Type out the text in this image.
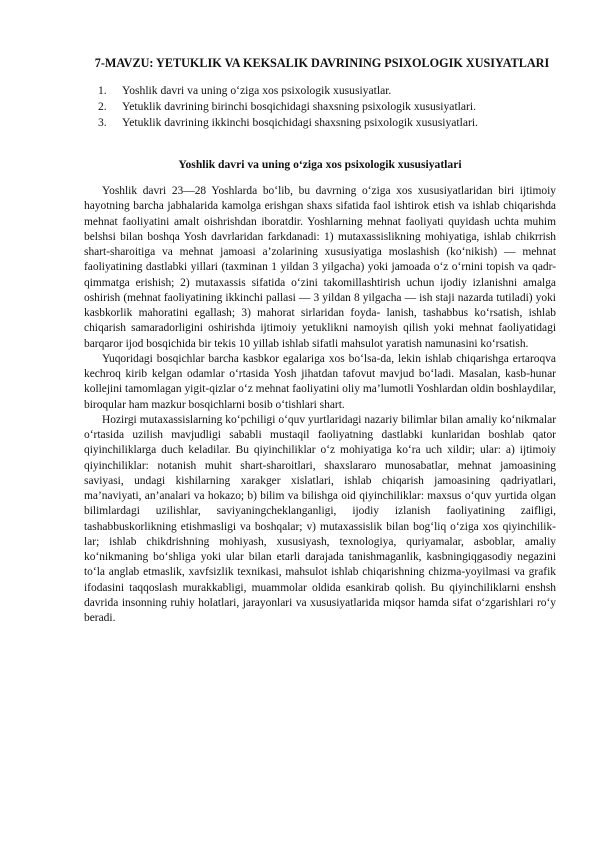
7-MAVZU: YETUKLIK VA KEKSALIK DAVRINING PSIXOLOGIK XUSIYATLARI
1.	Yoshlik davri va uning o‘ziga xos psixologik xususiyatlar.
2.	Yetuklik davrining birinchi bosqichidagi shaxsning psixologik xususiyatlari.
3.	Yetuklik davrining ikkinchi bosqichidagi shaxsning psixologik xususiyatlari.
Yoshlik davri va uning o‘ziga xos psixologik xususiyatlari

Yoshlik davri 23—28 Yoshlarda bo‘lib, bu davrning o‘ziga xos xususiyatlaridan biri ijtimoiy hayotning barcha jabhalarida kamolga erishgan shaxs sifatida faol ishtirok etish va ishlab chiqarishda mehnat faoliyatini amalt oishrishdan iboratdir. Yoshlarning mehnat faoliyati quyidash uchta muhim belshsi bilan boshqa Yosh davrlaridan farkdanadi: 1) mutaxassislikning mohiyatiga, ishlab chikrrish shart-sharoitiga va mehnat jamoasi a’zolarining xususiyatiga moslashish (ko‘nikish) — mehnat faoliyatining dastlabki yillari (taxminan 1 yildan 3 yilgacha) yoki jamoada o‘z o‘rnini topish va qadr-qimmatga erishish; 2) mutaxassis sifatida o‘zini takomillashtirish uchun ijodiy izlanishni amalga oshirish (mehnat faoliyatining ikkinchi pallasi — 3 yildan 8 yilgacha — ish staji nazarda tutiladi) yoki kasbkorlik mahoratini egallash; 3) mahorat sirlaridan foyda- lanish, tashabbus ko‘rsatish, ishlab chiqarish samaradorligini oshirishda ijtimoiy yetuklikni namoyish qilish yoki mehnat faoliyatidagi barqaror ijod bosqichida bir tekis 10 yillab ishlab sifatli mahsulot yaratish namunasini ko‘rsatish.

Yuqoridagi bosqichlar barcha kasbkor egalariga xos bo‘lsa-da, lekin ishlab chiqarishga ertaroqva kechroq kirib kelgan odamlar o‘rtasida Yosh jihatdan tafovut mavjud bo‘ladi. Masalan, kasb-hunar kollejini tamomlagan yigit-qizlar o‘z mehnat faoliyatini oliy ma’lumotli Yoshlardan oldin boshlaydilar, biroqular ham mazkur bosqichlarni bosib o‘tishlari shart.

Hozirgi mutaxassislarning ko‘pchiligi o‘quv yurtlaridagi nazariy bilimlar bilan amaliy ko‘nikmalar o‘rtasida uzilish mavjudligi sababli mustaqil faoliyatning dastlabki kunlaridan boshlab qator qiyinchiliklarga duch keladilar. Bu qiyinchiliklar o‘z mohiyatiga ko‘ra uch xildir; ular: a) ijtimoiy qiyinchiliklar: notanish muhit shart-sharoitlari, shaxslararo munosabatlar, mehnat jamoasining saviyasi, undagi kishilarning xarakger xislatlari, ishlab chiqarish jamoasining qadriyatlari, ma’naviyati, an’analari va hokazo; b) bilim va bilishga oid qiyinchiliklar: maxsus o‘quv yurtida olgan bilimlardagi uzilishlar, saviyaningcheklanganligi, ijodiy izlanish faoliyatining zaifligi, tashabbuskorlikning etishmasligi va boshqalar; v) mutaxassislik bilan bog‘liq o‘ziga xos qiyinchilik- lar; ishlab chikdrishning mohiyash, xususiyash, texnologiya, quriyamalar, asboblar, amaliy ko‘nikmaning bo‘shliga yoki ular bilan etarli darajada tanishmaganlik, kasbningiqgasodiy negazini to‘la anglab etmaslik, xavfsizlik texnikasi, mahsulot ishlab chiqarishning chizma-yoyilmasi va grafik ifodasini taqqoslash murakkabligi, muammolar oldida esankirab qolish. Bu qiyinchiliklarni enshsh davrida insonning ruhiy holatlari, jarayonlari va xususiyatlarida miqsor hamda sifat o‘zgarishlari ro‘y beradi.
